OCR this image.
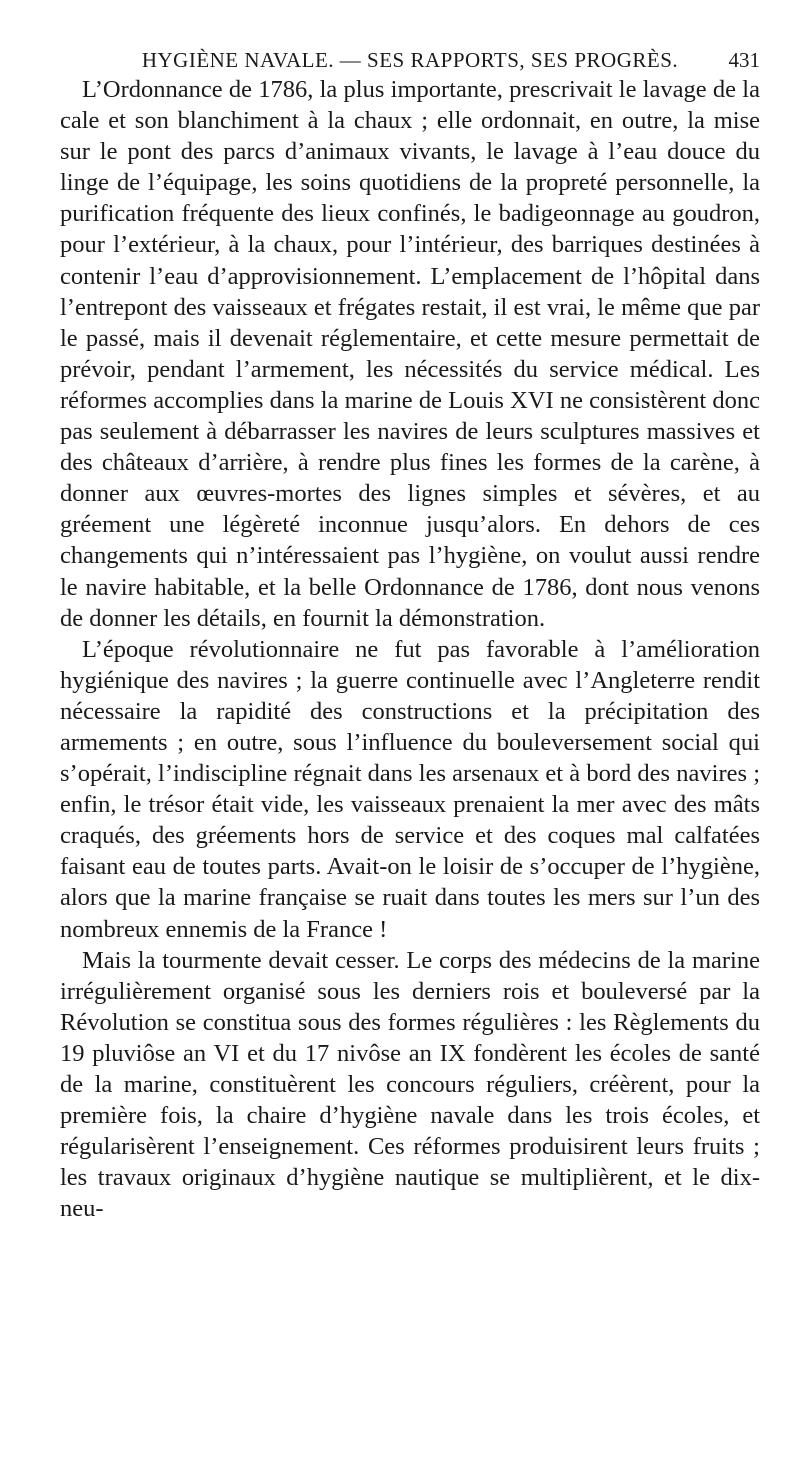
HYGIÈNE NAVALE. — SES RAPPORTS, SES PROGRÈS.	431

L’Ordonnance de 1786, la plus importante, prescrivait le lavage de la cale et son blanchiment à la chaux ; elle ordonnait, en outre, la mise sur le pont des parcs d’animaux vivants, le lavage à l’eau douce du linge de l’équipage, les soins quotidiens de la propreté personnelle, la purification fréquente des lieux confinés, le badigeonnage au goudron, pour l’extérieur, à la chaux, pour l’intérieur, des barriques destinées à contenir l’eau d’approvisionnement. L’emplacement de l’hôpital dans l’entrepont des vaisseaux et frégates restait, il est vrai, le même que par le passé, mais il devenait réglementaire, et cette mesure permettait de prévoir, pendant l’armement, les nécessités du service médical. Les réformes accomplies dans la marine de Louis XVI ne consistèrent donc pas seulement à débarrasser les navires de leurs sculptures massives et des châteaux d’arrière, à rendre plus fines les formes de la carène, à donner aux œuvres-mortes des lignes simples et sévères, et au gréement une légèreté inconnue jusqu’alors. En dehors de ces changements qui n’intéressaient pas l’hygiène, on voulut aussi rendre le navire habitable, et la belle Ordonnance de 1786, dont nous venons de donner les détails, en fournit la démonstration.

L’époque révolutionnaire ne fut pas favorable à l’amélioration hygiénique des navires ; la guerre continuelle avec l’Angleterre rendit nécessaire la rapidité des constructions et la précipitation des armements ; en outre, sous l’influence du bouleversement social qui s’opérait, l’indiscipline régnait dans les arsenaux et à bord des navires ; enfin, le trésor était vide, les vaisseaux prenaient la mer avec des mâts craqués, des gréements hors de service et des coques mal calfatées faisant eau de toutes parts. Avait-on le loisir de s’occuper de l’hygiène, alors que la marine française se ruait dans toutes les mers sur l’un des nombreux ennemis de la France !

Mais la tourmente devait cesser. Le corps des médecins de la marine irrégulièrement organisé sous les derniers rois et bouleversé par la Révolution se constitua sous des formes régulières : les Règlements du 19 pluviôse an VI et du 17 nivôse an IX fondèrent les écoles de santé de la marine, constituèrent les concours réguliers, créèrent, pour la première fois, la chaire d’hygiène navale dans les trois écoles, et régularisèrent l’enseignement. Ces réformes produisirent leurs fruits ; les travaux originaux d’hygiène nautique se multiplièrent, et le dix-neu-
